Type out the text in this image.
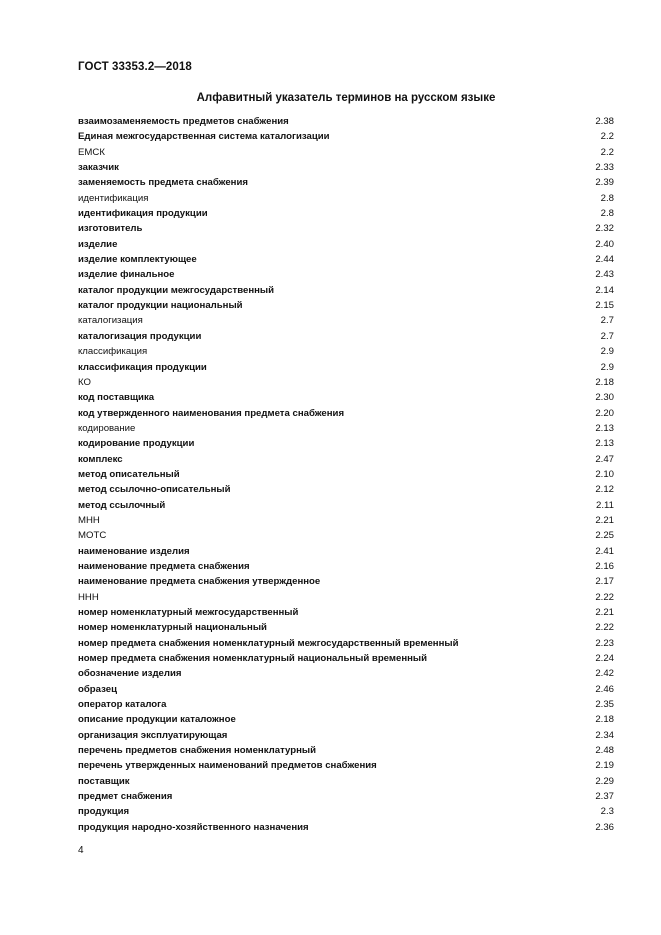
ГОСТ 33353.2—2018
Алфавитный указатель терминов на русском языке
взаимозаменяемость предметов снабжения	2.38
Единая межгосударственная система каталогизации	2.2
ЕМСК	2.2
заказчик	2.33
заменяемость предмета снабжения	2.39
идентификация	2.8
идентификация продукции	2.8
изготовитель	2.32
изделие	2.40
изделие комплектующее	2.44
изделие финальное	2.43
каталог продукции межгосударственный	2.14
каталог продукции национальный	2.15
каталогизация	2.7
каталогизация продукции	2.7
классификация	2.9
классификация продукции	2.9
КО	2.18
код поставщика	2.30
код утвержденного наименования предмета снабжения	2.20
кодирование	2.13
кодирование продукции	2.13
комплекс	2.47
метод описательный	2.10
метод ссылочно-описательный	2.12
метод ссылочный	2.11
МНН	2.21
МОТС	2.25
наименование изделия	2.41
наименование предмета снабжения	2.16
наименование предмета снабжения утвержденное	2.17
ННН	2.22
номер номенклатурный межгосударственный	2.21
номер номенклатурный национальный	2.22
номер предмета снабжения номенклатурный межгосударственный временный	2.23
номер предмета снабжения номенклатурный национальный временный	2.24
обозначение изделия	2.42
образец	2.46
оператор каталога	2.35
описание продукции каталожное	2.18
организация эксплуатирующая	2.34
перечень предметов снабжения номенклатурный	2.48
перечень утвержденных наименований предметов снабжения	2.19
поставщик	2.29
предмет снабжения	2.37
продукция	2.3
продукция народно-хозяйственного назначения	2.36
4
